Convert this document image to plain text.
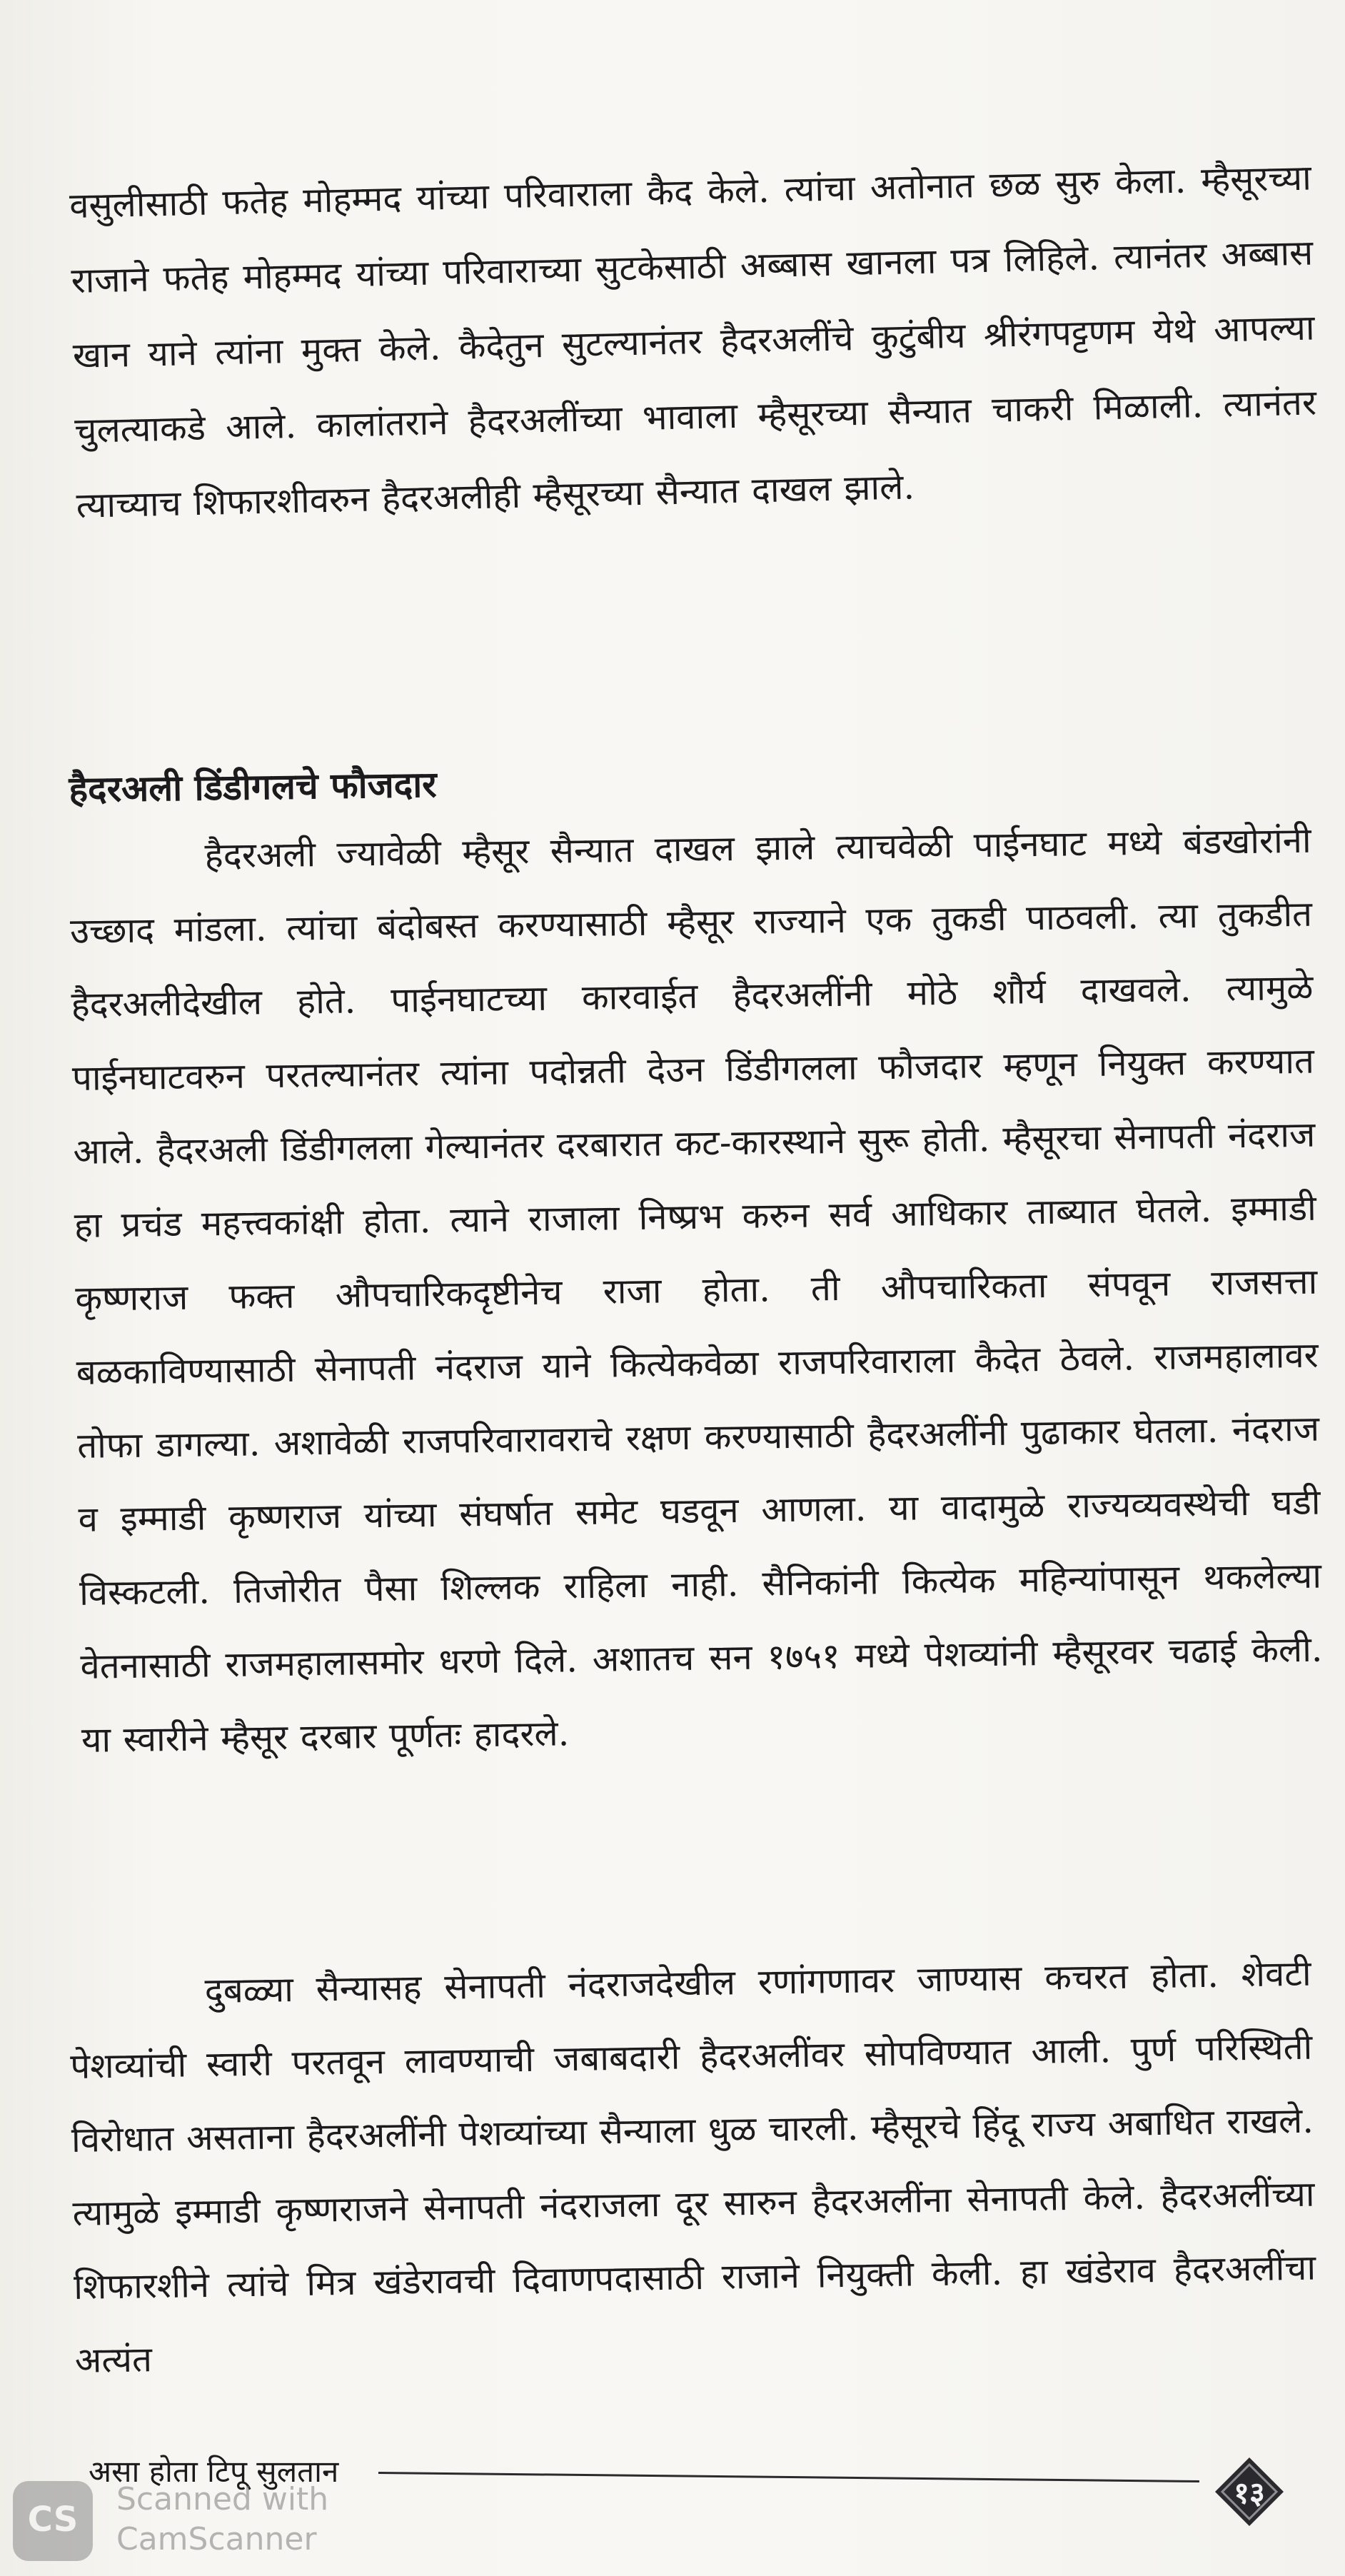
वसुलीसाठी फतेह मोहम्मद यांच्या परिवाराला कैद केले. त्यांचा अतोनात छळ सुरु केला. म्हैसूरच्या राजाने फतेह मोहम्मद यांच्या परिवाराच्या सुटकेसाठी अब्बास खानला पत्र लिहिले. त्यानंतर अब्बास खान याने त्यांना मुक्त केले. कैदेतुन सुटल्यानंतर हैदरअलींचे कुटुंबीय श्रीरंगपट्टणम येथे आपल्या चुलत्याकडे आले. कालांतराने हैदरअलींच्या भावाला म्हैसूरच्या सैन्यात चाकरी मिळाली. त्यानंतर त्याच्याच शिफारशीवरुन हैदरअलीही म्हैसूरच्या सैन्यात दाखल झाले.

हैदरअली डिंडीगलचे फौजदार

हैदरअली ज्यावेळी म्हैसूर सैन्यात दाखल झाले त्याचवेळी पाईनघाट मध्ये बंडखोरांनी उच्छाद मांडला. त्यांचा बंदोबस्त करण्यासाठी म्हैसूर राज्याने एक तुकडी पाठवली. त्या तुकडीत हैदरअलीदेखील होते. पाईनघाटच्या कारवाईत हैदरअलींनी मोठे शौर्य दाखवले. त्यामुळे पाईनघाटवरुन परतल्यानंतर त्यांना पदोन्नती देउन डिंडीगलला फौजदार म्हणून नियुक्त करण्यात आले. हैदरअली डिंडीगलला गेल्यानंतर दरबारात कट-कारस्थाने सुरू होती. म्हैसूरचा सेनापती नंदराज हा प्रचंड महत्त्वकांक्षी होता. त्याने राजाला निष्प्रभ करुन सर्व आधिकार ताब्यात घेतले. इम्माडी कृष्णराज फक्त औपचारिकदृष्टीनेच राजा होता. ती औपचारिकता संपवून राजसत्ता बळकाविण्यासाठी सेनापती नंदराज याने कित्येकवेळा राजपरिवाराला कैदेत ठेवले. राजमहालावर तोफा डागल्या. अशावेळी राजपरिवारावराचे रक्षण करण्यासाठी हैदरअलींनी पुढाकार घेतला. नंदराज व इम्माडी कृष्णराज यांच्या संघर्षात समेट घडवून आणला. या वादामुळे राज्यव्यवस्थेची घडी विस्कटली. तिजोरीत पैसा शिल्लक राहिला नाही. सैनिकांनी कित्येक महिन्यांपासून थकलेल्या वेतनासाठी राजमहालासमोर धरणे दिले. अशातच सन १७५१ मध्ये पेशव्यांनी म्हैसूरवर चढाई केली. या स्वारीने म्हैसूर दरबार पूर्णतः हादरले.

दुबळ्या सैन्यासह सेनापती नंदराजदेखील रणांगणावर जाण्यास कचरत होता. शेवटी पेशव्यांची स्वारी परतवून लावण्याची जबाबदारी हैदरअलींवर सोपविण्यात आली. पुर्ण परिस्थिती विरोधात असताना हैदरअलींनी पेशव्यांच्या सैन्याला धुळ चारली. म्हैसूरचे हिंदू राज्य अबाधित राखले. त्यामुळे इम्माडी कृष्णराजने सेनापती नंदराजला दूर सारुन हैदरअलींना सेनापती केले. हैदरअलींच्या शिफारशीने त्यांचे मित्र खंडेरावची दिवाणपदासाठी राजाने नियुक्ती केली. हा खंडेराव हैदरअलींचा अत्यंत

असा होता टिपू सुलतान

१३

CS

Scanned with

CamScanner
